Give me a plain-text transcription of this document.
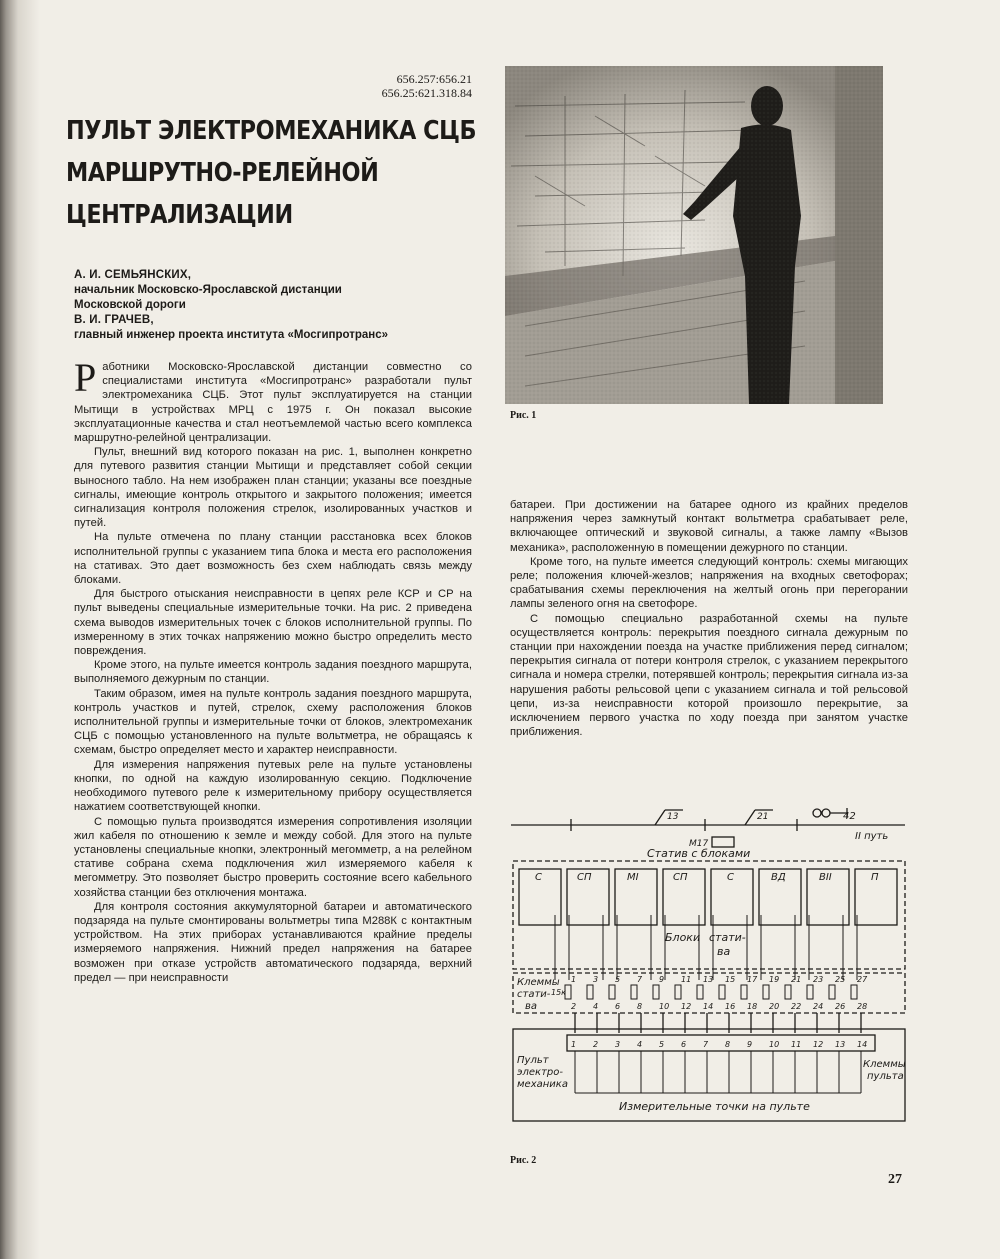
656.257:656.21
656.25:621.318.84
ПУЛЬТ ЭЛЕКТРОМЕХАНИКА СЦБ
МАРШРУТНО-РЕЛЕЙНОЙ
ЦЕНТРАЛИЗАЦИИ
А. И. СЕМЬЯНСКИХ,
начальник Московско-Ярославской дистанции
Московской дороги
В. И. ГРАЧЕВ,
главный инженер проекта института «Мосгипротранс»

Работники Московско-Ярославской дистанции совместно со специалистами института «Мосгипротранс» разработали пульт электромеханика СЦБ. Этот пульт эксплуатируется на станции Мытищи в устройствах МРЦ с 1975 г. Он показал высокие эксплуатационные качества и стал неотъемлемой частью всего комплекса маршрутно-релейной централизации.

Пульт, внешний вид которого показан на рис. 1, выполнен конкретно для путевого развития станции Мытищи и представляет собой секции выносного табло. На нем изображен план станции; указаны все поездные сигналы, имеющие контроль открытого и закрытого положения; имеется сигнализация контроля положения стрелок, изолированных участков и путей.

На пульте отмечена по плану станции расстановка всех блоков исполнительной группы с указанием типа блока и места его расположения на стативах. Это дает возможность без схем наблюдать связь между блоками.

Для быстрого отыскания неисправности в цепях реле КСР и СР на пульт выведены специальные измерительные точки. На рис. 2 приведена схема выводов измерительных точек с блоков исполнительной группы. По измеренному в этих точках напряжению можно быстро определить место повреждения.

Кроме этого, на пульте имеется контроль задания поездного маршрута, выполняемого дежурным по станции.

Таким образом, имея на пульте контроль задания поездного маршрута, контроль участков и путей, стрелок, схему расположения блоков исполнительной группы и измерительные точки от блоков, электромеханик СЦБ с помощью установленного на пульте вольтметра, не обращаясь к схемам, быстро определяет место и характер неисправности.

Для измерения напряжения путевых реле на пульте установлены кнопки, по одной на каждую изолированную секцию. Подключение необходимого путевого реле к измерительному прибору осуществляется нажатием соответствующей кнопки.

С помощью пульта производятся измерения сопротивления изоляции жил кабеля по отношению к земле и между собой. Для этого на пульте установлены специальные кнопки, электронный мегомметр, а на релейном стативе собрана схема подключения жил измеряемого кабеля к мегомметру. Это позволяет быстро проверить состояние всего кабельного хозяйства станции без отключения монтажа.

Для контроля состояния аккумуляторной батареи и автоматического подзаряда на пульте смонтированы вольтметры типа М288К с контактным устройством. На этих приборах устанавливаются крайние пределы измеряемого напряжения. Нижний предел напряжения на батарее возможен при отказе устройств автоматического подзаряда, верхний предел — при неисправности

Рис. 1

батареи. При достижении на батарее одного из крайних пределов напряжения через замкнутый контакт вольтметра срабатывает реле, включающее оптический и звуковой сигналы, а также лампу «Вызов механика», расположенную в помещении дежурного по станции.

Кроме того, на пульте имеется следующий контроль: схемы мигающих реле; положения ключей-жезлов; напряжения на входных светофорах; срабатывания схемы переключения на желтый огонь при перегорании лампы зеленого огня на светофоре.

С помощью специально разработанной схемы на пульте осуществляется контроль: перекрытия поездного сигнала дежурным по станции при нахождении поезда на участке приближения перед сигналом; перекрытия сигнала от потери контроля стрелок, с указанием перекрытого сигнала и номера стрелки, потерявшей контроль; перекрытия сигнала из-за нарушения работы рельсовой цепи с указанием сигнала и той рельсовой цепи, из-за неисправности которой произошло перекрытие, за исключением первого участка по ходу поезда при занятом участке приближения.

42
II путь
13	21
М17
Статив с блоками
С	СП	МI	СП	С	ВД	ВII	П
Блоки стати-
ва
Клеммы
стати-
ва
15к
1 3 5 7 9 11 13 15 17 19 21 23 25 27
2 4 6 8 10 12 14 16 18 20 22 24 26 28
1 2 3 4 5 6 7 8 9 10 11 12 13 14
Пульт
электро-
механика
Клеммы
пульта
Измерительные точки на пульте
Рис. 2
27
